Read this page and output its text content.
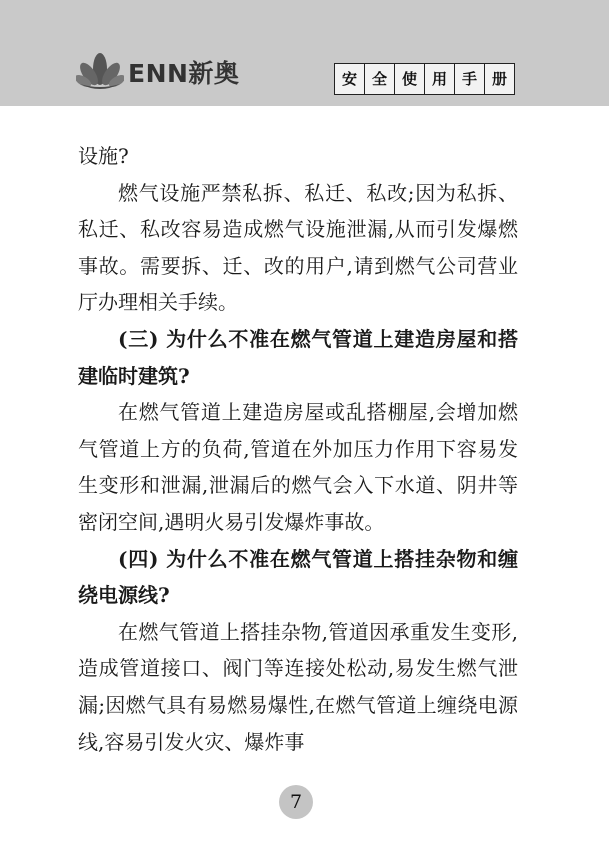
ENN新奥	安 全 使 用 手 册

设施?

燃气设施严禁私拆、私迁、私改;因为私拆、私迁、私改容易造成燃气设施泄漏,从而引发爆燃事故。需要拆、迁、改的用户,请到燃气公司营业厅办理相关手续。

(三) 为什么不准在燃气管道上建造房屋和搭建临时建筑?

在燃气管道上建造房屋或乱搭棚屋,会增加燃气管道上方的负荷,管道在外加压力作用下容易发生变形和泄漏,泄漏后的燃气会入下水道、阴井等密闭空间,遇明火易引发爆炸事故。

(四) 为什么不准在燃气管道上搭挂杂物和缠绕电源线?

在燃气管道上搭挂杂物,管道因承重发生变形,造成管道接口、阀门等连接处松动,易发生燃气泄漏;因燃气具有易燃易爆性,在燃气管道上缠绕电源线,容易引发火灾、爆炸事

7
